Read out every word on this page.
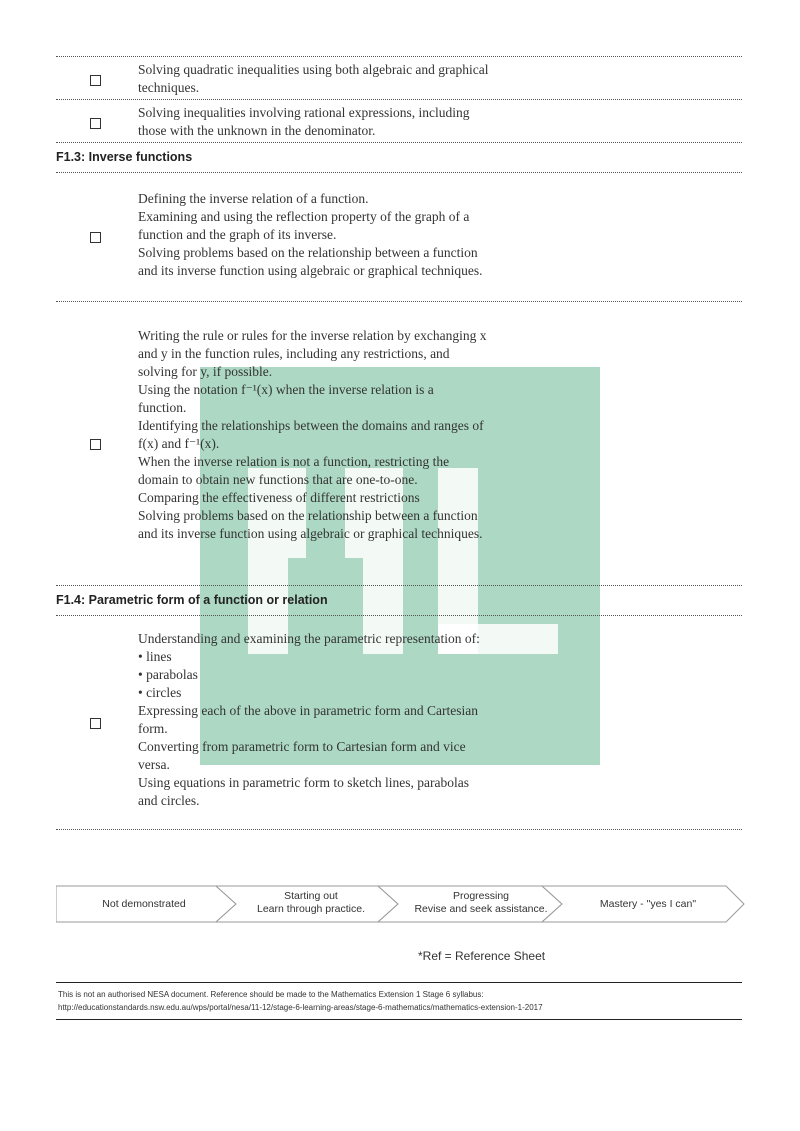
Solving quadratic inequalities using both algebraic and graphical
techniques.
Solving inequalities involving rational expressions, including
those with the unknown in the denominator.
F1.3: Inverse functions
Defining the inverse relation of a function.
Examining and using the reflection property of the graph of a
function and the graph of its inverse.
Solving problems based on the relationship between a function
and its inverse function using algebraic or graphical techniques.
Writing the rule or rules for the inverse relation by exchanging x
and y in the function rules, including any restrictions, and
solving for y, if possible.
Using the notation f⁻¹(x) when the inverse relation is a
function.
Identifying the relationships between the domains and ranges of
f(x) and f⁻¹(x).
When the inverse relation is not a function, restricting the
domain to obtain new functions that are one-to-one.
Comparing the effectiveness of different restrictions
Solving problems based on the relationship between a function
and its inverse function using algebraic or graphical techniques.
F1.4: Parametric form of a function or relation
Understanding and examining the parametric representation of:
• lines
• parabolas
• circles
Expressing each of the above in parametric form and Cartesian
form.
Converting from parametric form to Cartesian form and vice
versa.
Using equations in parametric form to sketch lines, parabolas
and circles.
Not demonstrated
Starting out
Learn through practice.
Progressing
Revise and seek assistance.	Mastery - "yes I can"
*Ref = Reference Sheet
This is not an authorised NESA document. Reference should be made to the Mathematics Extension 1 Stage 6 syllabus:
http://educationstandards.nsw.edu.au/wps/portal/nesa/11-12/stage-6-learning-areas/stage-6-mathematics/mathematics-extension-1-2017
